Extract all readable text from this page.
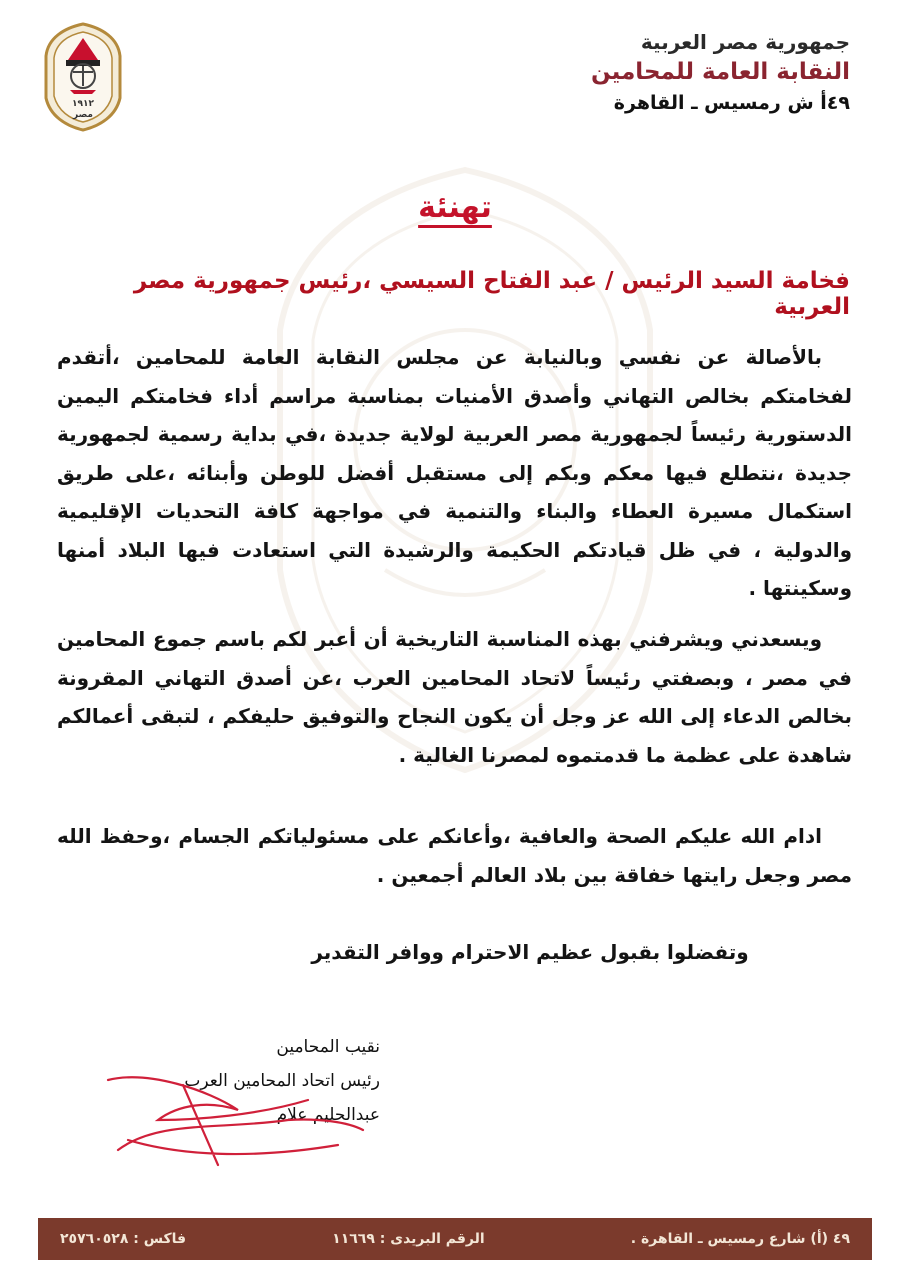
جمهورية مصر العربية
النقابة العامة للمحامين
٤٩أ ش رمسيس ـ القاهرة
١٩١٢
مصر
تهنئة
فخامة السيد الرئيس / عبد الفتاح السيسي ،رئيس جمهورية مصر العربية

بالأصالة عن نفسي وبالنيابة عن مجلس النقابة العامة للمحامين ،أتقدم لفخامتكم بخالص التهاني وأصدق الأمنيات بمناسبة مراسم أداء فخامتكم اليمين الدستورية رئيساً لجمهورية مصر العربية لولاية جديدة ،في بداية رسمية لجمهورية جديدة ،نتطلع فيها معكم وبكم إلى مستقبل أفضل للوطن وأبنائه ،على طريق استكمال مسيرة العطاء والبناء والتنمية في مواجهة كافة التحديات الإقليمية والدولية ، في ظل قيادتكم الحكيمة والرشيدة التي استعادت فيها البلاد أمنها وسكينتها .

ويسعدني ويشرفني بهذه المناسبة التاريخية أن أعبر لكم باسم جموع المحامين في مصر ، وبصفتي رئيساً لاتحاد المحامين العرب ،عن أصدق التهاني المقرونة بخالص الدعاء إلى الله عز وجل أن يكون النجاح والتوفيق حليفكم ، لتبقى أعمالكم شاهدة على عظمة ما قدمتموه لمصرنا الغالية .

ادام الله عليكم الصحة والعافية ،وأعانكم على مسئولياتكم الجسام ،وحفظ الله مصر وجعل رايتها خفاقة بين بلاد العالم أجمعين .

وتفضلوا بقبول عظيم الاحترام ووافر التقدير
نقيب المحامين
رئيس اتحاد المحامين العرب
عبدالحليم علام
٤٩ (أ) شارع رمسيس ـ القاهرة .
الرقم البريدى : ١١٦٦٩
فاكس : ٢٥٧٦٠٥٢٨
